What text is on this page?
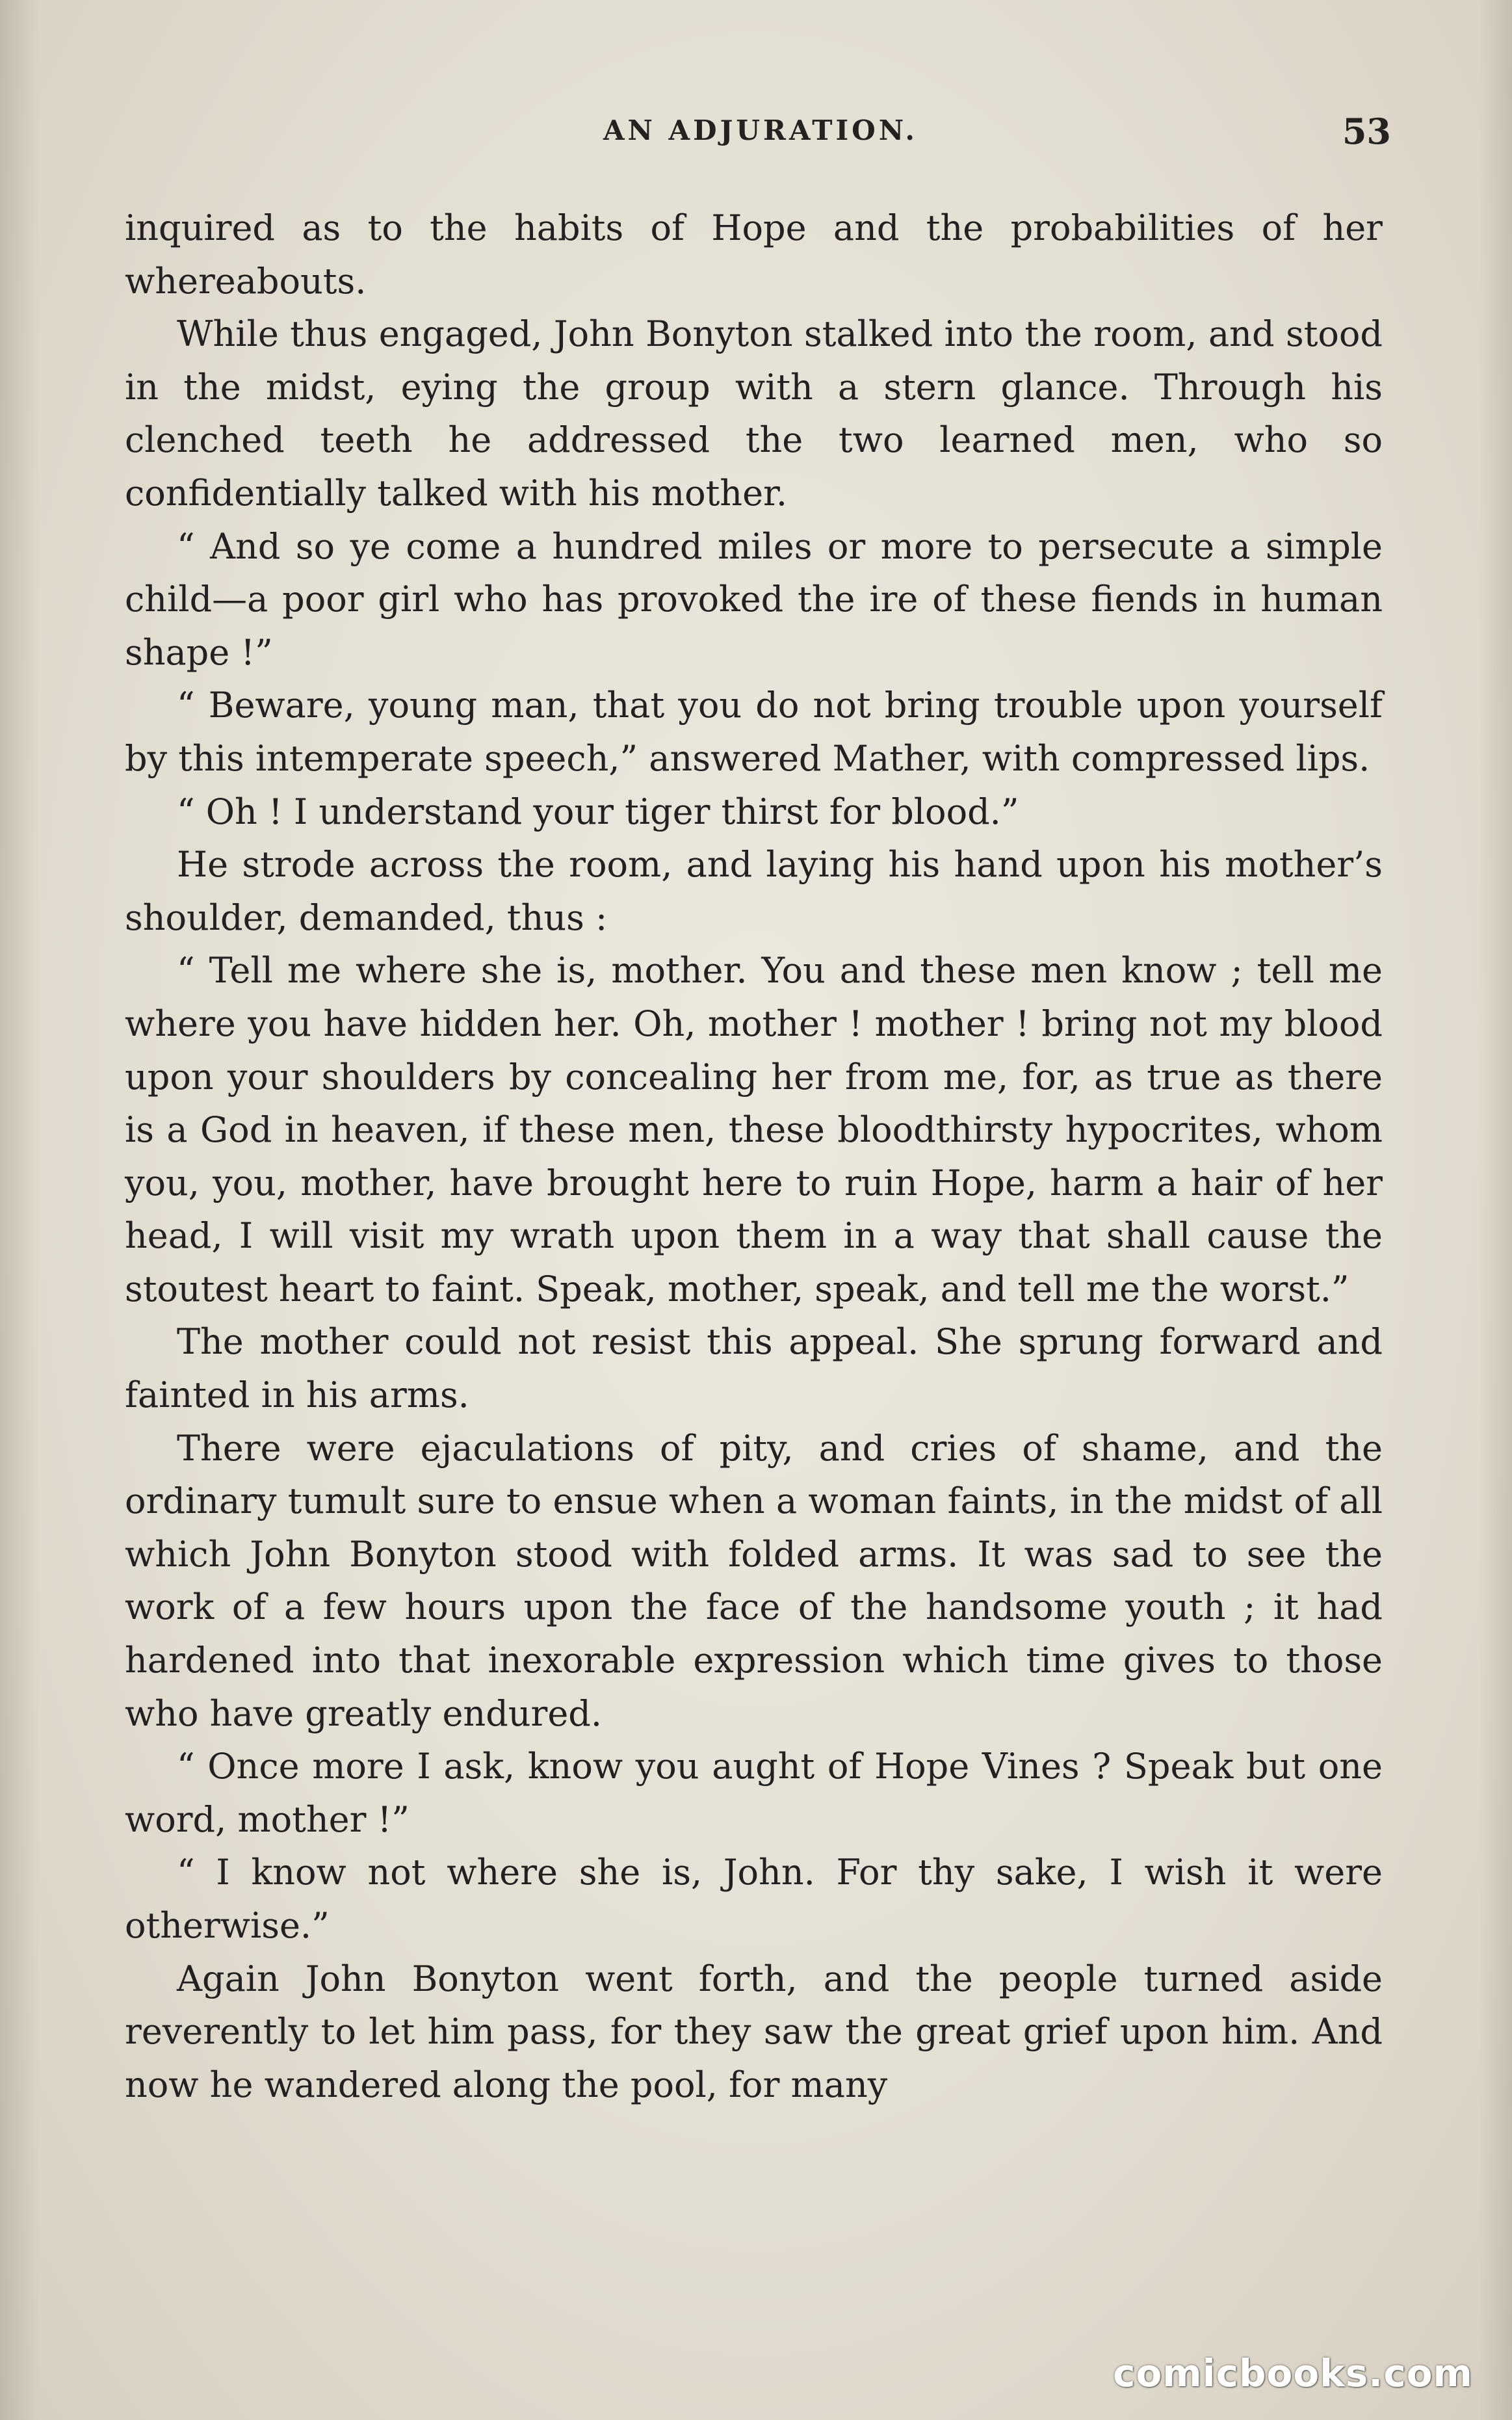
AN ADJURATION.	53

inquired as to the habits of Hope and the probabilities of her whereabouts.

While thus engaged, John Bonyton stalked into the room, and stood in the midst, eying the group with a stern glance. Through his clenched teeth he addressed the two learned men, who so confidentially talked with his mother.

“ And so ye come a hundred miles or more to persecute a simple child—a poor girl who has provoked the ire of these fiends in human shape !”

“ Beware, young man, that you do not bring trouble upon yourself by this intemperate speech,” answered Mather, with compressed lips.

“ Oh ! I understand your tiger thirst for blood.”

He strode across the room, and laying his hand upon his mother’s shoulder, demanded, thus :

“ Tell me where she is, mother. You and these men know ; tell me where you have hidden her. Oh, mother ! mother ! bring not my blood upon your shoulders by concealing her from me, for, as true as there is a God in heaven, if these men, these bloodthirsty hypocrites, whom you, you, mother, have brought here to ruin Hope, harm a hair of her head, I will visit my wrath upon them in a way that shall cause the stoutest heart to faint. Speak, mother, speak, and tell me the worst.”

The mother could not resist this appeal. She sprung forward and fainted in his arms.

There were ejaculations of pity, and cries of shame, and the ordinary tumult sure to ensue when a woman faints, in the midst of all which John Bonyton stood with folded arms. It was sad to see the work of a few hours upon the face of the handsome youth ; it had hardened into that inexorable expression which time gives to those who have greatly endured.

“ Once more I ask, know you aught of Hope Vines ? Speak but one word, mother !”

“ I know not where she is, John. For thy sake, I wish it were otherwise.”

Again John Bonyton went forth, and the people turned aside reverently to let him pass, for they saw the great grief upon him. And now he wandered along the pool, for many

comicbooks.com
